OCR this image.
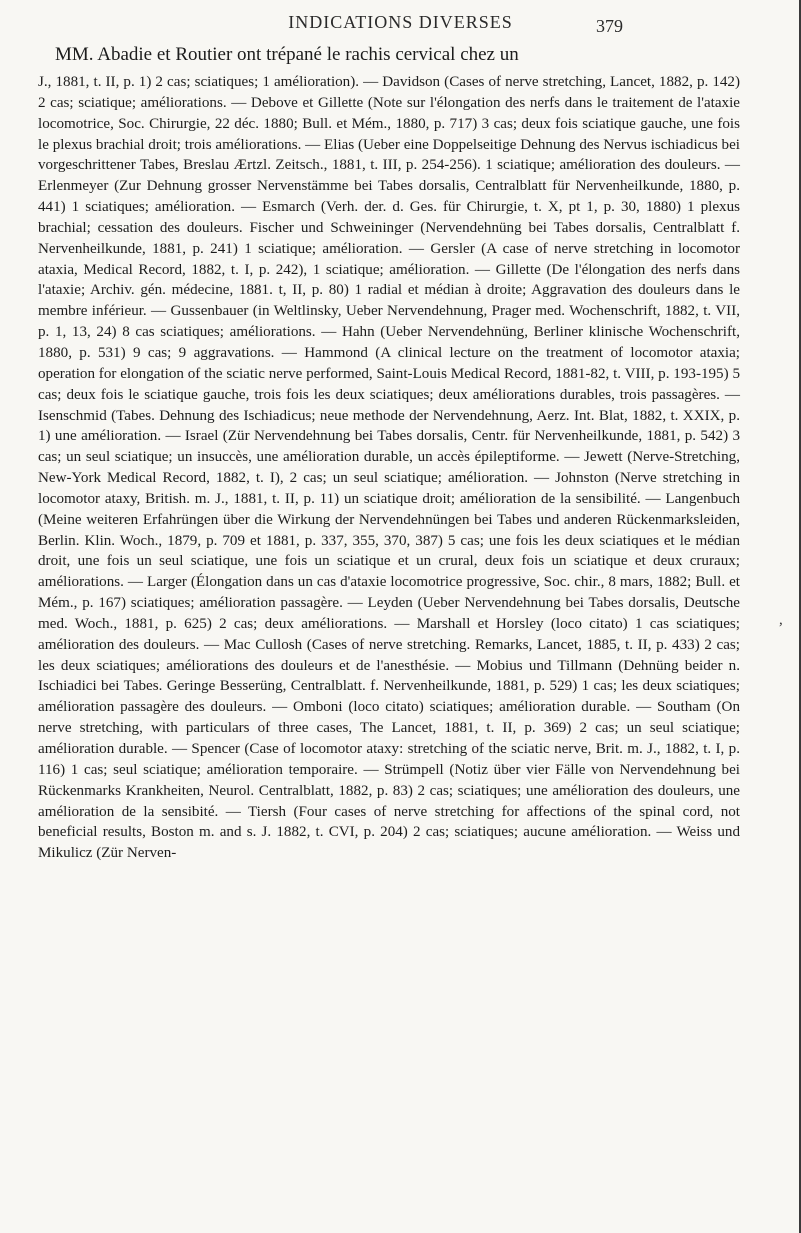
INDICATIONS DIVERSES	379
MM. Abadie et Routier ont trépané le rachis cervical chez un
J., 1881, t. II, p. 1) 2 cas; sciatiques; 1 amélioration). — Davidson (Cases of nerve stretching, Lancet, 1882, p. 142) 2 cas; sciatique; améliorations. — Debove et Gillette (Note sur l'élongation des nerfs dans le traitement de l'ataxie locomotrice, Soc. Chirurgie, 22 déc. 1880; Bull. et Mém., 1880, p. 717) 3 cas; deux fois sciatique gauche, une fois le plexus brachial droit; trois améliorations. — Elias (Ueber eine Doppelseitige Dehnung des Nervus ischiadicus bei vorgeschrittener Tabes, Breslau Ærtzl. Zeitsch., 1881, t. III, p. 254-256). 1 sciatique; amélioration des douleurs. — Erlenmeyer (Zur Dehnung grosser Nervenstämme bei Tabes dorsalis, Centralblatt für Nervenheilkunde, 1880, p. 441) 1 sciatiques; amélioration. — Esmarch (Verh. der. d. Ges. für Chirurgie, t. X, pt 1, p. 30, 1880) 1 plexus brachial; cessation des douleurs. Fischer und Schweininger (Nervendehnüng bei Tabes dorsalis, Centralblatt f. Nervenheilkunde, 1881, p. 241) 1 sciatique; amélioration. — Gersler (A case of nerve stretching in locomotor ataxia, Medical Record, 1882, t. I, p. 242), 1 sciatique; amélioration. — Gillette (De l'élongation des nerfs dans l'ataxie; Archiv. gén. médecine, 1881. t, II, p. 80) 1 radial et médian à droite; Aggravation des douleurs dans le membre inférieur. — Gussenbauer (in Weltlinsky, Ueber Nervendehnung, Prager med. Wochenschrift, 1882, t. VII, p. 1, 13, 24) 8 cas sciatiques; améliorations. — Hahn (Ueber Nervendehnüng, Berliner klinische Wochenschrift, 1880, p. 531) 9 cas; 9 aggravations. — Hammond (A clinical lecture on the treatment of locomotor ataxia; operation for elongation of the sciatic nerve performed, Saint-Louis Medical Record, 1881-82, t. VIII, p. 193-195) 5 cas; deux fois le sciatique gauche, trois fois les deux sciatiques; deux améliorations durables, trois passagères. — Isenschmid (Tabes. Dehnung des Ischiadicus; neue methode der Nervendehnung, Aerz. Int. Blat, 1882, t. XXIX, p. 1) une amélioration. — Israel (Zür Nervendehnung bei Tabes dorsalis, Centr. für Nervenheilkunde, 1881, p. 542) 3 cas; un seul sciatique; un insuccès, une amélioration durable, un accès épileptiforme. — Jewett (Nerve-Stretching, New-York Medical Record, 1882, t. I), 2 cas; un seul sciatique; amélioration. — Johnston (Nerve stretching in locomotor ataxy, British. m. J., 1881, t. II, p. 11) un sciatique droit; amélioration de la sensibilité. — Langenbuch (Meine weiteren Erfahrüngen über die Wirkung der Nervendehnüngen bei Tabes und anderen Rückenmarksleiden, Berlin. Klin. Woch., 1879, p. 709 et 1881, p. 337, 355, 370, 387) 5 cas; une fois les deux sciatiques et le médian droit, une fois un seul sciatique, une fois un sciatique et un crural, deux fois un sciatique et deux cruraux; améliorations. — Larger (Élongation dans un cas d'ataxie locomotrice progressive, Soc. chir., 8 mars, 1882; Bull. et Mém., p. 167) sciatiques; amélioration passagère. — Leyden (Ueber Nervendehnung bei Tabes dorsalis, Deutsche med. Woch., 1881, p. 625) 2 cas; deux améliorations. — Marshall et Horsley (loco citato) 1 cas sciatiques; amélioration des douleurs. — Mac Cullosh (Cases of nerve stretching. Remarks, Lancet, 1885, t. II, p. 433) 2 cas; les deux sciatiques; améliorations des douleurs et de l'anesthésie. — Mobius und Tillmann (Dehnüng beider n. Ischiadici bei Tabes. Geringe Besserüng, Centralblatt. f. Nervenheilkunde, 1881, p. 529) 1 cas; les deux sciatiques; amélioration passagère des douleurs. — Omboni (loco citato) sciatiques; amélioration durable. — Southam (On nerve stretching, with particulars of three cases, The Lancet, 1881, t. II, p. 369) 2 cas; un seul sciatique; amélioration durable. — Spencer (Case of locomotor ataxy: stretching of the sciatic nerve, Brit. m. J., 1882, t. I, p. 116) 1 cas; seul sciatique; amélioration temporaire. — Strümpell (Notiz über vier Fälle von Nervendehnung bei Rückenmarks Krankheiten, Neurol. Centralblatt, 1882, p. 83) 2 cas; sciatiques; une amélioration des douleurs, une amélioration de la sensibité. — Tiersh (Four cases of nerve stretching for affections of the spinal cord, not beneficial results, Boston m. and s. J. 1882, t. CVI, p. 204) 2 cas; sciatiques; aucune amélioration. — Weiss und Mikulicz (Zür Nerven-
,
